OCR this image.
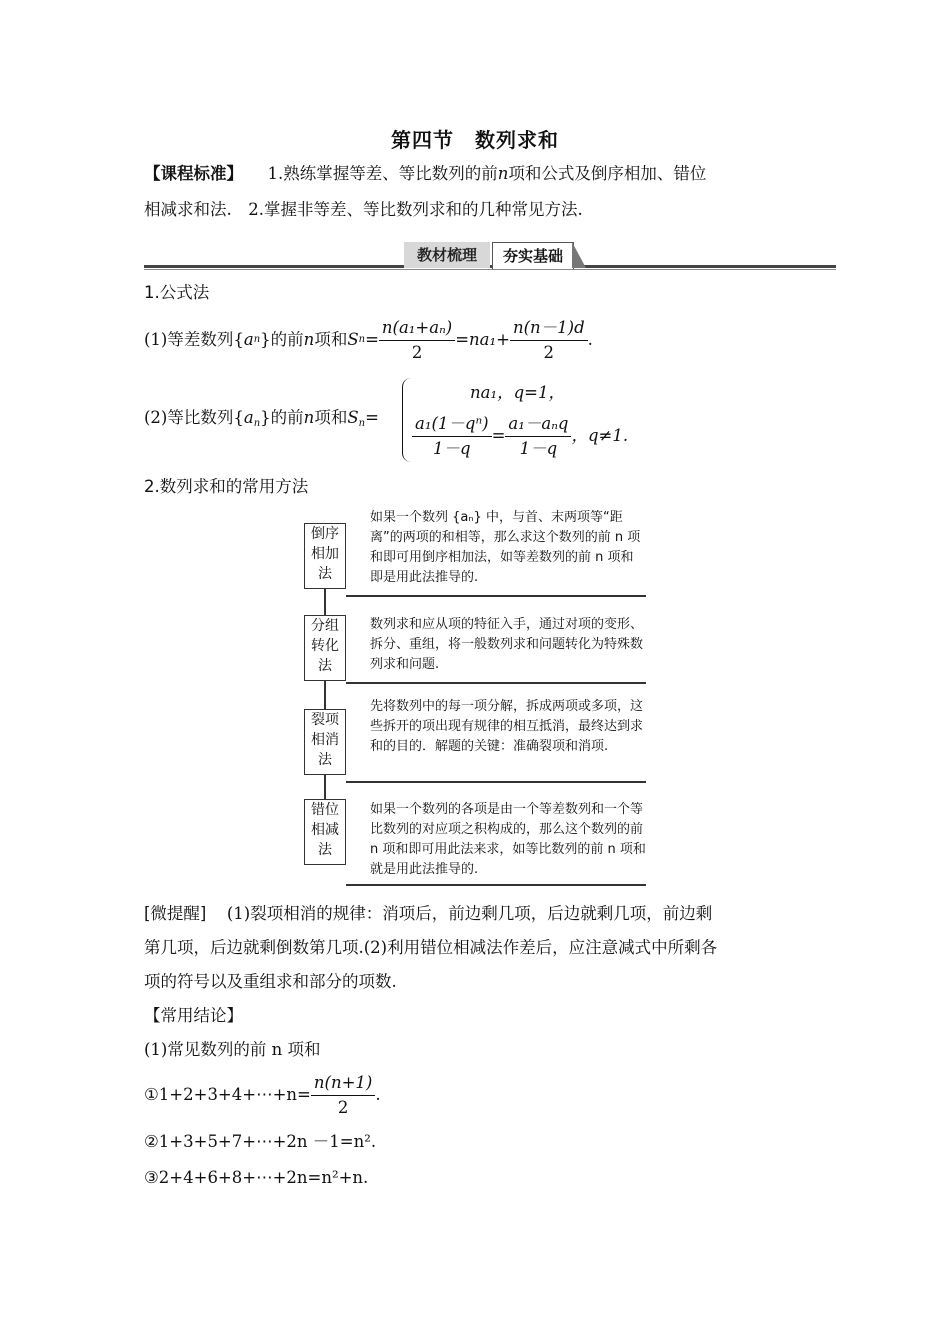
第四节　数列求和
【课程标准】 1.熟练掌握等差、等比数列的前n项和公式及倒序相加、错位
相减求和法.　2.掌握非等差、等比数列求和的几种常见方法.
教材梳理	夯实基础
1.公式法
(1)等差数列{ a n }的前 n 项和 S $n = \frac{\text{n(a₁+aₙ)}}{2} =na_1+ \frac{n(n-1)d}{2}$ .
(2)等比数列$\{a_n\}$的前n项和$S_n=$
na₁，q=1，
$\frac{\text{a₁(1－qⁿ)}}{1-q} = \frac{\text{a₁－aₙq}}{1-q}$ ，q≠1.
2.数列求和的常用方法
倒序相加法
如果一个数列 {aₙ} 中，与首、末两项等“距离”的两项的和相等，那么求这个数列的前 n 项和即可用倒序相加法，如等差数列的前 n 项和即是用此法推导的.
分组转化法
数列求和应从项的特征入手，通过对项的变形、拆分、重组，将一般数列求和问题转化为特殊数列求和问题.
裂项相消法
先将数列中的每一项分解，拆成两项或多项，这些拆开的项出现有规律的相互抵消，最终达到求和的目的．解题的关键：准确裂项和消项.
错位相减法
如果一个数列的各项是由一个等差数列和一个等比数列的对应项之积构成的，那么这个数列的前 n 项和即可用此法来求，如等比数列的前 n 项和就是用此法推导的.
[微提醒] (1)裂项相消的规律：消项后，前边剩几项，后边就剩几项，前边剩
第几项，后边就剩倒数第几项.(2)利用错位相减法作差后，应注意减式中所剩各
项的符号以及重组求和部分的项数.
【常用结论】
(1)常见数列的前 n 项和
①1+2+3+4+⋯+n= $\frac{n(n+1)}{2}$ .
②1+3+5+7+⋯+2n －1=n².
③2+4+6+8+⋯+2n=n²+n.
